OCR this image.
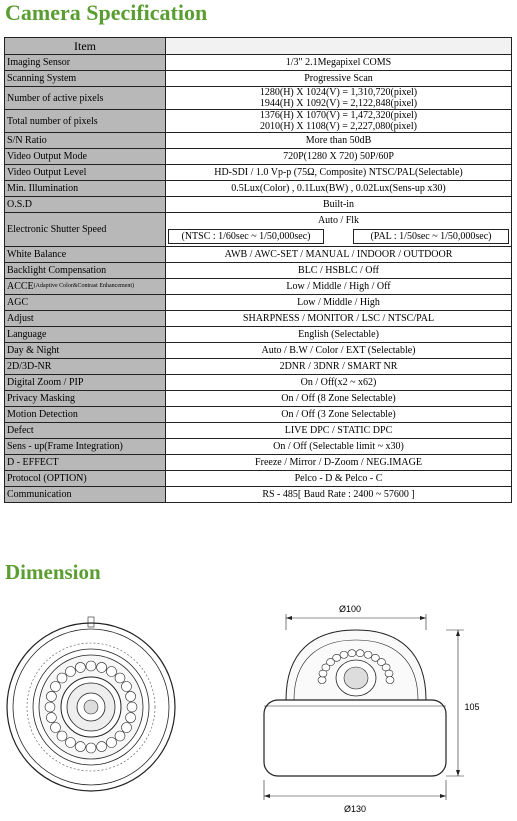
Camera Specification
Item	
Imaging Sensor	1/3" 2.1Megapixel COMS
Scanning System	Progressive Scan
Number of active pixels	1280(H) X 1024(V) = 1,310,720(pixel)
1944(H) X 1092(V) = 2,122,848(pixel)

Total number of pixels	1376(H) X 1070(V) = 1,472,320(pixel)
2010(H) X 1108(V) = 2,227,080(pixel)

S/N Ratio	More than 50dB
Video Output Mode	720P(1280 X 720) 50P/60P
Video Output Level	HD-SDI / 1.0 Vp-p (75Ω, Composite) NTSC/PAL(Selectable)
Min. Illumination	0.5Lux(Color) , 0.1Lux(BW) , 0.02Lux(Sens-up x30)
O.S.D	Built-in
Electronic Shutter Speed	Auto / Flk
(NTSC : 1/60sec ~ 1/50,000sec) (PAL : 1/50sec ~ 1/50,000sec)

White Balance	AWB / AWC-SET / MANUAL / INDOOR / OUTDOOR
Backlight Compensation	BLC / HSBLC / Off
ACCE(Adaptive Color&Contrast Enhancement)	Low / Middle / High / Off
AGC	Low / Middle / High
Adjust	SHARPNESS / MONITOR / LSC / NTSC/PAL
Language	English (Selectable)
Day & Night	Auto / B.W / Color / EXT (Selectable)
2D/3D-NR	2DNR / 3DNR / SMART NR
Digital Zoom / PIP	On / Off(x2 ~ x62)
Privacy Masking	On / Off (8 Zone Selectable)
Motion Detection	On / Off (3 Zone Selectable)
Defect	LIVE DPC / STATIC DPC
Sens - up(Frame Integration)	On / Off (Selectable limit ~ x30)
D - EFFECT	Freeze / Mirror / D-Zoom / NEG.IMAGE
Protocol (OPTION)	Pelco - D & Pelco - C
Communication	RS - 485[ Baud Rate : 2400 ~ 57600 ]
Dimension
Ø100
105
Ø130
